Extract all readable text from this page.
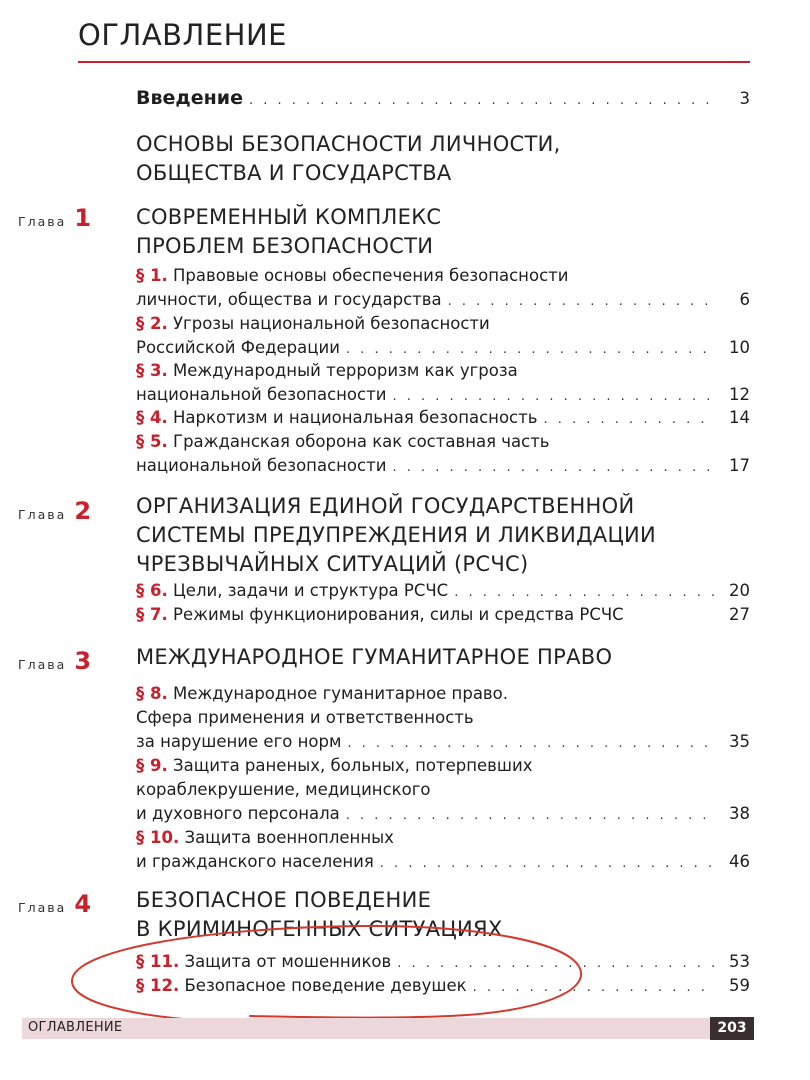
ОГЛАВЛЕНИЕ
Введение . . .	3
ОСНОВЫ БЕЗОПАСНОСТИ ЛИЧНОСТИ,
ОБЩЕСТВА И ГОСУДАРСТВА
Глава 1 СОВРЕМЕННЫЙ КОМПЛЕКС
ПРОБЛЕМ БЕЗОПАСНОСТИ
§ 1. Правовые основы обеспечения безопасности
личности, общества и государства . . .	6
§ 2. Угрозы национальной безопасности
Российской Федерации . . .	10
§ 3. Международный терроризм как угроза
национальной безопасности . . .	12
§ 4. Наркотизм и национальная безопасность . . .	14
§ 5. Гражданская оборона как составная часть
национальной безопасности . . .	17
Глава 2 ОРГАНИЗАЦИЯ ЕДИНОЙ ГОСУДАРСТВЕННОЙ
СИСТЕМЫ ПРЕДУПРЕЖДЕНИЯ И ЛИКВИДАЦИИ
ЧРЕЗВЫЧАЙНЫХ СИТУАЦИЙ (РСЧС)
§ 6. Цели, задачи и структура РСЧС . . .	20
§ 7. Режимы функционирования, силы и средства РСЧС	27
Глава 3 МЕЖДУНАРОДНОЕ ГУМАНИТАРНОЕ ПРАВО
§ 8. Международное гуманитарное право.
Сфера применения и ответственность
за нарушение его норм . . .	35
§ 9. Защита раненых, больных, потерпевших
кораблекрушение, медицинского
и духовного персонала . . .	38
§ 10. Защита военнопленных
и гражданского населения . . .	46
Глава 4 БЕЗОПАСНОЕ ПОВЕДЕНИЕ
В КРИМИНОГЕННЫХ СИТУАЦИЯХ
§ 11. Защита от мошенников . . .	53
§ 12. Безопасное поведение девушек . . .	59
ОГЛАВЛЕНИЕ	203
